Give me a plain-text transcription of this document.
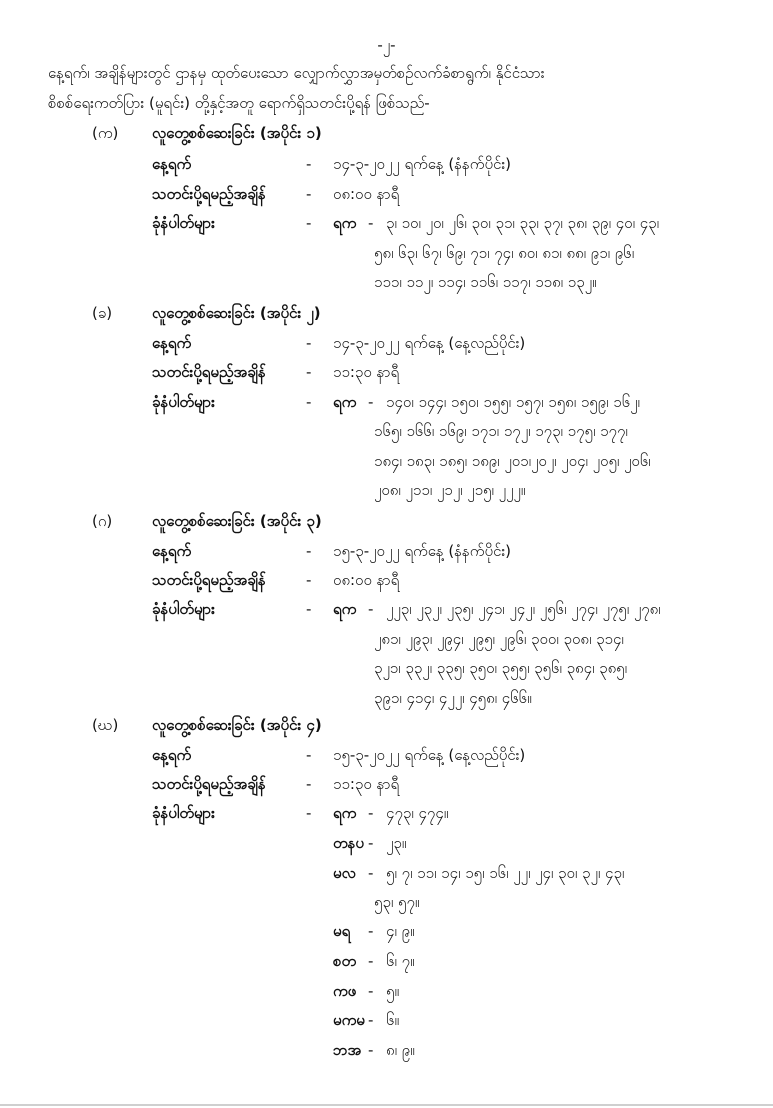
-၂-
နေ့ရက်၊ အချိန်များတွင် ဌာနမှ ထုတ်ပေးသော လျှောက်လွှာအမှတ်စဉ်လက်ခံစာရွက်၊ နိုင်ငံသား
စိစစ်ရေးကတ်ပြား (မူရင်း) တို့နှင့်အတူ ရောက်ရှိသတင်းပို့ရန် ဖြစ်သည်-
(က) လူတွေ့စစ်ဆေးခြင်း (အပိုင်း ၁)
နေ့ရက်	- ၁၄-၃-၂၀၂၂ ရက်နေ့ (နံနက်ပိုင်း)
သတင်းပို့ရမည့်အချိန်	- ၀၈:၀၀ နာရီ
ခုံနံပါတ်များ	- ရက - ၃၊ ၁၀၊ ၂၀၊ ၂၆၊ ၃၀၊ ၃၁၊ ၃၃၊ ၃၇၊ ၃၈၊ ၃၉၊ ၄၀၊ ၄၃၊
၅၈၊ ၆၃၊ ၆၇၊ ၆၉၊ ၇၁၊ ၇၄၊ ၈၀၊ ၈၁၊ ၈၈၊ ၉၁၊ ၉၆၊
၁၁၁၊ ၁၁၂၊ ၁၁၄၊ ၁၁၆၊ ၁၁၇၊ ၁၁၈၊ ၁၃၂။
(ခ)	လူတွေ့စစ်ဆေးခြင်း (အပိုင်း ၂)
နေ့ရက်	- ၁၄-၃-၂၀၂၂ ရက်နေ့ (နေ့လည်ပိုင်း)
သတင်းပို့ရမည့်အချိန်	- ၁၁:၃၀ နာရီ
ခုံနံပါတ်များ	- ရက - ၁၄၀၊ ၁၄၄၊ ၁၅၀၊ ၁၅၅၊ ၁၅၇၊ ၁၅၈၊ ၁၅၉၊ ၁၆၂၊
၁၆၅၊ ၁၆၆၊ ၁၆၉၊ ၁၇၁၊ ၁၇၂၊ ၁၇၃၊ ၁၇၅၊ ၁၇၇၊
၁၈၄၊ ၁၈၃၊ ၁၈၅၊ ၁၈၉၊ ၂၀၁၊၂၀၂၊ ၂၀၄၊ ၂၀၅၊ ၂၀၆၊
၂၀၈၊ ၂၁၁၊ ၂၁၂၊ ၂၁၅၊ ၂၂၂။
(ဂ)	လူတွေ့စစ်ဆေးခြင်း (အပိုင်း ၃)
နေ့ရက်	- ၁၅-၃-၂၀၂၂ ရက်နေ့ (နံနက်ပိုင်း)
သတင်းပို့ရမည့်အချိန်	- ၀၈:၀၀ နာရီ
ခုံနံပါတ်များ	- ရက - ၂၂၃၊ ၂၃၂၊ ၂၃၅၊ ၂၄၁၊ ၂၄၂၊ ၂၅၆၊ ၂၇၄၊ ၂၇၅၊ ၂၇၈၊
၂၈၁၊ ၂၉၃၊ ၂၉၄၊ ၂၉၅၊ ၂၉၆၊ ၃၀၀၊ ၃၀၈၊ ၃၁၄၊
၃၂၁၊ ၃၃၂၊ ၃၃၅၊ ၃၅၀၊ ၃၅၅၊ ၃၅၆၊ ၃၈၄၊ ၃၈၅၊
၃၉၁၊ ၄၁၄၊ ၄၂၂၊ ၄၅၈၊ ၄၆၆။
(ဃ) လူတွေ့စစ်ဆေးခြင်း (အပိုင်း ၄)
နေ့ရက်	- ၁၅-၃-၂၀၂၂ ရက်နေ့ (နေ့လည်ပိုင်း)
သတင်းပို့ရမည့်အချိန်	- ၁၁:၃၀ နာရီ
ခုံနံပါတ်များ	- ရက - ၄၇၃၊ ၄၇၄။
တနပ - ၂၃။
မလ - ၅၊ ၇၊ ၁၁၊ ၁၄၊ ၁၅၊ ၁၆၊ ၂၂၊ ၂၄၊ ၃၀၊ ၃၂၊ ၄၃၊
၅၃၊ ၅၇။
မရ - ၄၊ ၉။
စတ - ၆၊ ၇။
ကဖ - ၅။
မကမ - ၆။
ဘအ - ၈၊ ၉။
